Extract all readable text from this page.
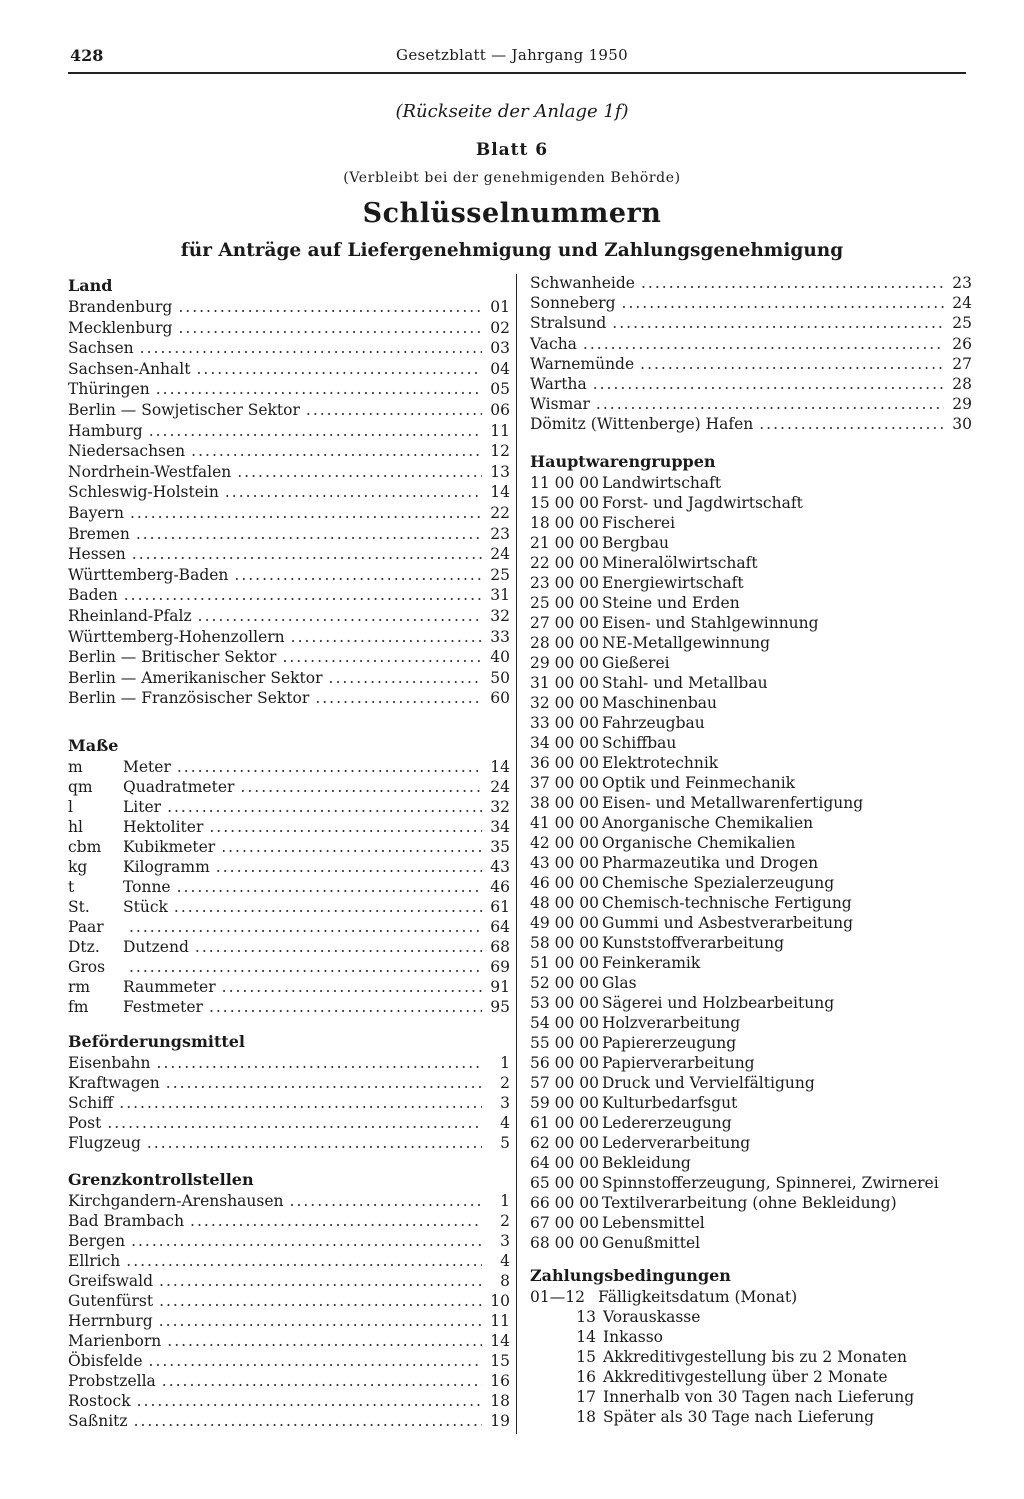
428	Gesetzblatt — Jahrgang 1950
(Rückseite der Anlage 1f)
Blatt 6
(Verbleibt bei der genehmigenden Behörde)
Schlüsselnummern
für Anträge auf Liefergenehmigung und Zahlungsgenehmigung
Land
Brandenburg .....	01
Mecklenburg .....	02
Sachsen .....	03
Sachsen-Anhalt .....	04
Thüringen .....	05
Berlin — Sowjetischer Sektor .....	06
Hamburg .....	11
Niedersachsen .....	12
Nordrhein-Westfalen .....	13
Schleswig-Holstein .....	14
Bayern .....	22
Bremen .....	23
Hessen .....	24
Württemberg-Baden .....	25
Baden .....	31
Rheinland-Pfalz .....	32
Württemberg-Hohenzollern .....	33
Berlin — Britischer Sektor .....	40
Berlin — Amerikanischer Sektor .....	50
Berlin — Französischer Sektor .....	60
Maße
m	Meter .....	14
qm	Quadratmeter .....	24
l	Liter .....	32
hl	Hektoliter .....	34
cbm	Kubikmeter .....	35
kg	Kilogramm .....	43
t	Tonne .....	46
St.	Stück .....	61
Paar .....	64
Dtz.	Dutzend .....	68
Gros .....	69
rm	Raummeter .....	91
fm	Festmeter .....	95
Beförderungsmittel
Eisenbahn .....	1
Kraftwagen .....	2
Schiff .....	3
Post .....	4
Flugzeug .....	5
Grenzkontrollstellen
Kirchgandern-Arenshausen .....	1
Bad Brambach .....	2
Bergen .....	3
Ellrich .....	4
Greifswald .....	8
Gutenfürst .....	10
Herrnburg .....	11
Marienborn .....	14
Öbisfelde .....	15
Probstzella .....	16
Rostock .....	18
Saßnitz .....	19
Schwanheide .....	23
Sonneberg .....	24
Stralsund .....	25
Vacha .....	26
Warnemünde .....	27
Wartha .....	28
Wismar .....	29
Dömitz (Wittenberge) Hafen .....	30
Hauptwarengruppen
11 00 00 Landwirtschaft
15 00 00 Forst- und Jagdwirtschaft
18 00 00 Fischerei
21 00 00 Bergbau
22 00 00 Mineralölwirtschaft
23 00 00 Energiewirtschaft
25 00 00 Steine und Erden
27 00 00 Eisen- und Stahlgewinnung
28 00 00 NE-Metallgewinnung
29 00 00 Gießerei
31 00 00 Stahl- und Metallbau
32 00 00 Maschinenbau
33 00 00 Fahrzeugbau
34 00 00 Schiffbau
36 00 00 Elektrotechnik
37 00 00 Optik und Feinmechanik
38 00 00 Eisen- und Metallwarenfertigung
41 00 00 Anorganische Chemikalien
42 00 00 Organische Chemikalien
43 00 00 Pharmazeutika und Drogen
46 00 00 Chemische Spezialerzeugung
48 00 00 Chemisch-technische Fertigung
49 00 00 Gummi und Asbestverarbeitung
58 00 00 Kunststoffverarbeitung
51 00 00 Feinkeramik
52 00 00 Glas
53 00 00 Sägerei und Holzbearbeitung
54 00 00 Holzverarbeitung
55 00 00 Papiererzeugung
56 00 00 Papierverarbeitung
57 00 00 Druck und Vervielfältigung
59 00 00 Kulturbedarfsgut
61 00 00 Ledererzeugung
62 00 00 Lederverarbeitung
64 00 00 Bekleidung
65 00 00 Spinnstofferzeugung, Spinnerei, Zwirnerei
66 00 00 Textilverarbeitung (ohne Bekleidung)
67 00 00 Lebensmittel
68 00 00 Genußmittel
Zahlungsbedingungen
01—12 Fälligkeitsdatum (Monat)
13 Vorauskasse
14 Inkasso
15 Akkreditivgestellung bis zu 2 Monaten
16 Akkreditivgestellung über 2 Monate
17 Innerhalb von 30 Tagen nach Lieferung
18 Später als 30 Tage nach Lieferung
